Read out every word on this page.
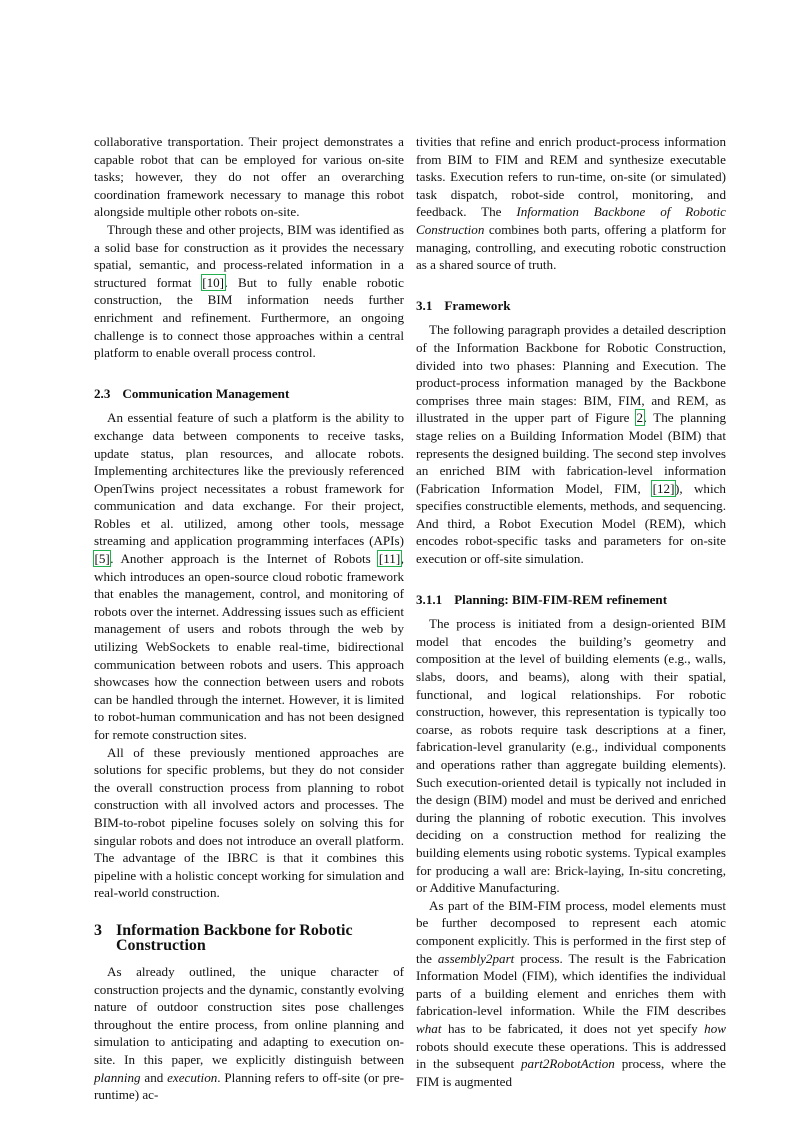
collaborative transportation. Their project demonstrates a capable robot that can be employed for various on-site tasks; however, they do not offer an overarching coordination framework necessary to manage this robot alongside multiple other robots on-site.

Through these and other projects, BIM was identified as a solid base for construction as it provides the necessary spatial, semantic, and process-related information in a structured format [10]. But to fully enable robotic construction, the BIM information needs further enrichment and refinement. Furthermore, an ongoing challenge is to connect those approaches within a central platform to enable overall process control.

2.3 Communication Management

An essential feature of such a platform is the ability to exchange data between components to receive tasks, update status, plan resources, and allocate robots. Implementing architectures like the previously referenced OpenTwins project necessitates a robust framework for communication and data exchange. For their project, Robles et al. utilized, among other tools, message streaming and application programming interfaces (APIs) [5]. Another approach is the Internet of Robots [11], which introduces an open-source cloud robotic framework that enables the management, control, and monitoring of robots over the internet. Addressing issues such as efficient management of users and robots through the web by utilizing WebSockets to enable real-time, bidirectional communication between robots and users. This approach showcases how the connection between users and robots can be handled through the internet. However, it is limited to robot-human communication and has not been designed for remote construction sites.

All of these previously mentioned approaches are solutions for specific problems, but they do not consider the overall construction process from planning to robot construction with all involved actors and processes. The BIM-to-robot pipeline focuses solely on solving this for singular robots and does not introduce an overall platform. The advantage of the IBRC is that it combines this pipeline with a holistic concept working for simulation and real-world construction.

3 Information Backbone for Robotic Construction

As already outlined, the unique character of construction projects and the dynamic, constantly evolving nature of outdoor construction sites pose challenges throughout the entire process, from online planning and simulation to anticipating and adapting to execution on-site. In this paper, we explicitly distinguish between planning and execution. Planning refers to off-site (or pre-runtime) ac-

tivities that refine and enrich product-process information from BIM to FIM and REM and synthesize executable tasks. Execution refers to run-time, on-site (or simulated) task dispatch, robot-side control, monitoring, and feedback. The Information Backbone of Robotic Construction combines both parts, offering a platform for managing, controlling, and executing robotic construction as a shared source of truth.

3.1 Framework

The following paragraph provides a detailed description of the Information Backbone for Robotic Construction, divided into two phases: Planning and Execution. The product-process information managed by the Backbone comprises three main stages: BIM, FIM, and REM, as illustrated in the upper part of Figure 2. The planning stage relies on a Building Information Model (BIM) that represents the designed building. The second step involves an enriched BIM with fabrication-level information (Fabrication Information Model, FIM, [12]), which specifies constructible elements, methods, and sequencing. And third, a Robot Execution Model (REM), which encodes robot-specific tasks and parameters for on-site execution or off-site simulation.

3.1.1 Planning: BIM-FIM-REM refinement

The process is initiated from a design-oriented BIM model that encodes the building’s geometry and composition at the level of building elements (e.g., walls, slabs, doors, and beams), along with their spatial, functional, and logical relationships. For robotic construction, however, this representation is typically too coarse, as robots require task descriptions at a finer, fabrication-level granularity (e.g., individual components and operations rather than aggregate building elements). Such execution-oriented detail is typically not included in the design (BIM) model and must be derived and enriched during the planning of robotic execution. This involves deciding on a construction method for realizing the building elements using robotic systems. Typical examples for producing a wall are: Brick-laying, In-situ concreting, or Additive Manufacturing.

As part of the BIM-FIM process, model elements must be further decomposed to represent each atomic component explicitly. This is performed in the first step of the assembly2part process. The result is the Fabrication Information Model (FIM), which identifies the individual parts of a building element and enriches them with fabrication-level information. While the FIM describes what has to be fabricated, it does not yet specify how robots should execute these operations. This is addressed in the subsequent part2RobotAction process, where the FIM is augmented
